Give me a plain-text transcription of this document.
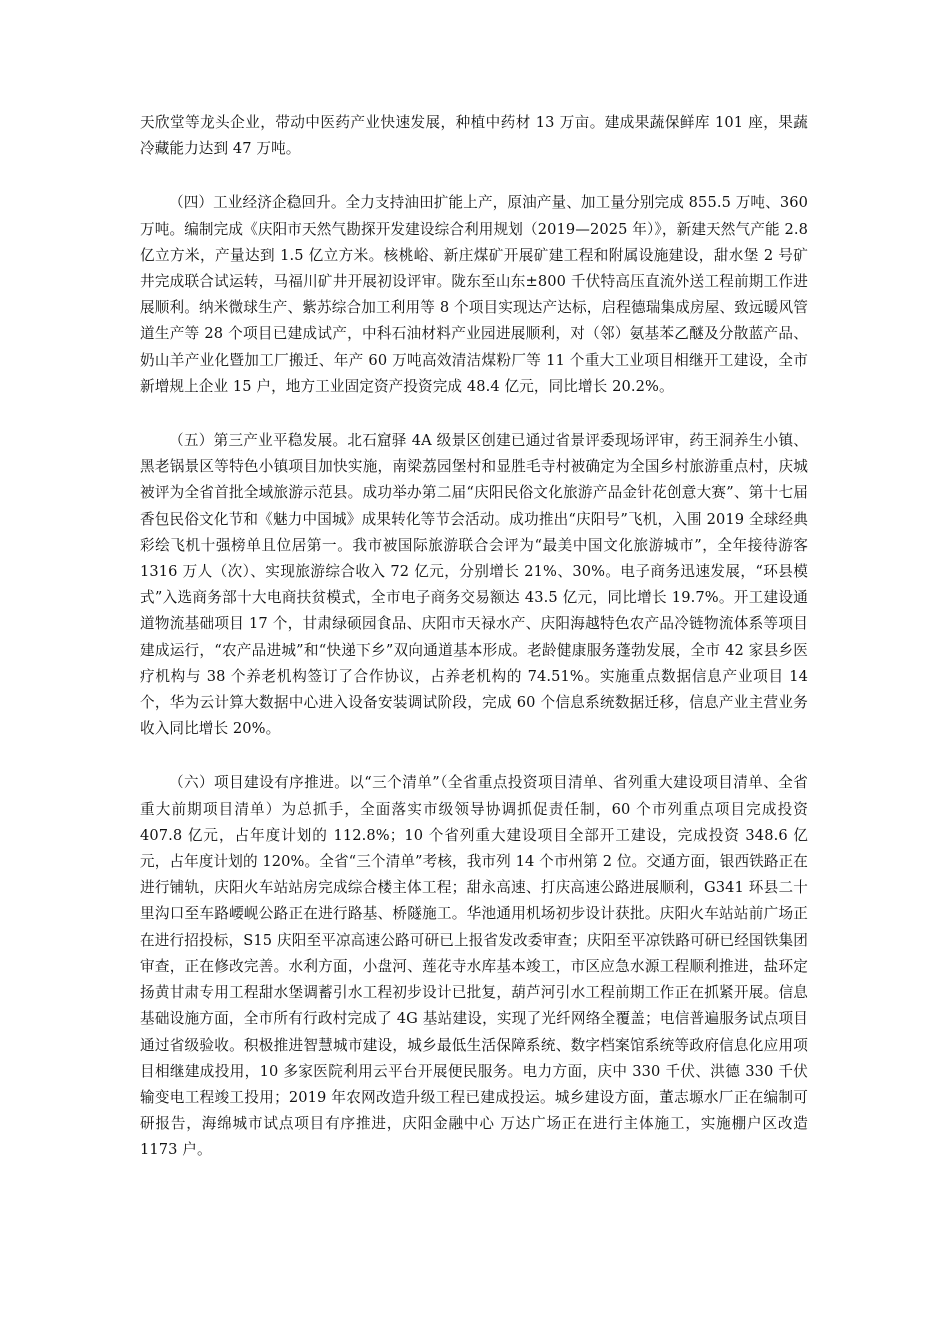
天欣堂等龙头企业，带动中医药产业快速发展，种植中药材 13 万亩。建成果蔬保鲜库 101 座，果蔬冷藏能力达到 47 万吨。

（四）工业经济企稳回升。全力支持油田扩能上产，原油产量、加工量分别完成 855.5 万吨、360 万吨。编制完成《庆阳市天然气勘探开发建设综合利用规划（2019—2025 年）》，新建天然气产能 2.8 亿立方米，产量达到 1.5 亿立方米。核桃峪、新庄煤矿开展矿建工程和附属设施建设，甜水堡 2 号矿井完成联合试运转，马福川矿井开展初设评审。陇东至山东±800 千伏特高压直流外送工程前期工作进展顺利。纳米微球生产、紫苏综合加工利用等 8 个项目实现达产达标，启程德瑞集成房屋、致远暖风管道生产等 28 个项目已建成试产，中科石油材料产业园进展顺利，对（邻）氨基苯乙醚及分散蓝产品、奶山羊产业化暨加工厂搬迁、年产 60 万吨高效清洁煤粉厂等 11 个重大工业项目相继开工建设，全市新增规上企业 15 户，地方工业固定资产投资完成 48.4 亿元，同比增长 20.2%。

（五）第三产业平稳发展。北石窟驿 4A 级景区创建已通过省景评委现场评审，药王洞养生小镇、黑老锅景区等特色小镇项目加快实施，南梁荔园堡村和显胜毛寺村被确定为全国乡村旅游重点村，庆城被评为全省首批全域旅游示范县。成功举办第二届“庆阳民俗文化旅游产品金针花创意大赛”、第十七届香包民俗文化节和《魅力中国城》成果转化等节会活动。成功推出“庆阳号”飞机，入围 2019 全球经典彩绘飞机十强榜单且位居第一。我市被国际旅游联合会评为“最美中国文化旅游城市”，全年接待游客 1316 万人（次）、实现旅游综合收入 72 亿元，分别增长 21%、30%。电子商务迅速发展，“环县模式”入选商务部十大电商扶贫模式，全市电子商务交易额达 43.5 亿元，同比增长 19.7%。开工建设通道物流基础项目 17 个，甘肃绿硕园食品、庆阳市天禄水产、庆阳海越特色农产品冷链物流体系等项目建成运行，“农产品进城”和“快递下乡”双向通道基本形成。老龄健康服务蓬勃发展，全市 42 家县乡医疗机构与 38 个养老机构签订了合作协议，占养老机构的 74.51%。实施重点数据信息产业项目 14 个，华为云计算大数据中心进入设备安装调试阶段，完成 60 个信息系统数据迁移，信息产业主营业务收入同比增长 20%。

（六）项目建设有序推进。以“三个清单”（全省重点投资项目清单、省列重大建设项目清单、全省重大前期项目清单）为总抓手，全面落实市级领导协调抓促责任制，60 个市列重点项目完成投资 407.8 亿元，占年度计划的 112.8%；10 个省列重大建设项目全部开工建设，完成投资 348.6 亿元，占年度计划的 120%。全省“三个清单”考核，我市列 14 个市州第 2 位。交通方面，银西铁路正在进行铺轨，庆阳火车站站房完成综合楼主体工程；甜永高速、打庆高速公路进展顺利，G341 环县二十里沟口至车路崾岘公路正在进行路基、桥隧施工。华池通用机场初步设计获批。庆阳火车站站前广场正在进行招投标，S15 庆阳至平凉高速公路可研已上报省发改委审查；庆阳至平凉铁路可研已经国铁集团审查，正在修改完善。水利方面，小盘河、莲花寺水库基本竣工，市区应急水源工程顺利推进，盐环定扬黄甘肃专用工程甜水堡调蓄引水工程初步设计已批复，葫芦河引水工程前期工作正在抓紧开展。信息基础设施方面，全市所有行政村完成了 4G 基站建设，实现了光纤网络全覆盖；电信普遍服务试点项目通过省级验收。积极推进智慧城市建设，城乡最低生活保障系统、数字档案馆系统等政府信息化应用项目相继建成投用，10 多家医院利用云平台开展便民服务。电力方面，庆中 330 千伏、洪德 330 千伏输变电工程竣工投用；2019 年农网改造升级工程已建成投运。城乡建设方面，董志塬水厂正在编制可研报告，海绵城市试点项目有序推进，庆阳金融中心 万达广场正在进行主体施工，实施棚户区改造 1173 户。
